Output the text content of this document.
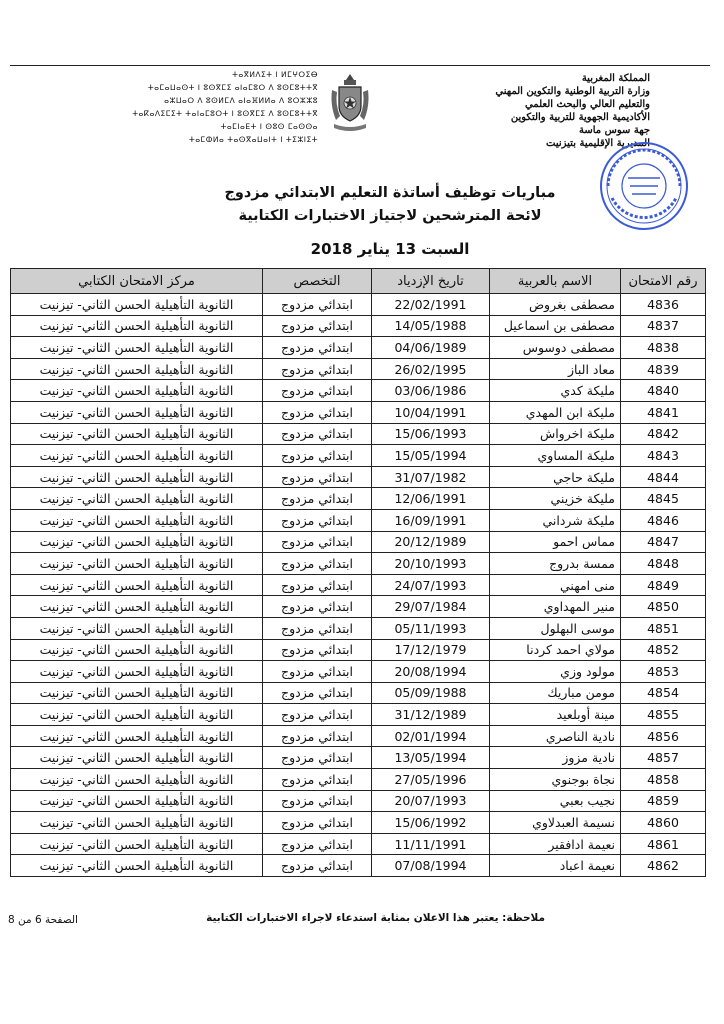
المملكة المغربية
وزارة التربية الوطنية والتكوين المهني
والتعليم العالي والبحث العلمي
الأكاديمية الجهوية للتربية والتكوين
جهة سوس ماسة
المديرية الإقليمية بتيزنيت
ⵜⴰⴳⵍⴷⵉⵜ ⵏ ⵍⵎⵖⵔⵉⴱ
ⵜⴰⵎⴰⵡⴰⵙⵜ ⵏ ⵓⵙⴳⵎⵉ ⴰⵏⴰⵎⵓⵔ ⴷ ⵓⵙⵎⵓⵜⵜⴳ
ⴰⵣⵡⴰⵔ ⴷ ⵓⵙⵍⵎⴷ ⴰⵏⴰⴼⵍⵍⴰ ⴷ ⵓⵔⵣⵣⵓ
ⵜⴰⴽⴰⴷⵉⵎⵉⵜ ⵜⴰⵏⴰⵎⵓⵔⵜ ⵏ ⵓⵙⴳⵎⵉ ⴷ ⵓⵙⵎⵓⵜⵜⴳ
ⵜⴰⵎⵏⴰⴹⵜ ⵏ ⵙⵓⵙ ⵎⴰⵙⵙⴰ
ⵜⴰⵎⵀⵍⴰ ⵜⴰⵙⴳⴰⵡⴰⵏⵜ ⵏ ⵜⵉⵣⵏⵉⵜ
مباريات توظيف أساتذة التعليم الابتدائي مزدوج
لائحة المترشحين لاجتياز الاختبارات الكتابية
السبت 13 يناير 2018
رقم الامتحان	الاسم بالعربية	تاريخ الإزدياد	التخصص	مركز الامتحان الكتابي
4836	مصطفى بغروض	22/02/1991	ابتدائي مزدوج	الثانوية التأهيلية الحسن الثاني- تيزنيت
4837	مصطفى بن اسماعيل	14/05/1988	ابتدائي مزدوج	الثانوية التأهيلية الحسن الثاني- تيزنيت
4838	مصطفى دوسوس	04/06/1989	ابتدائي مزدوج	الثانوية التأهيلية الحسن الثاني- تيزنيت
4839	معاد الباز	26/02/1995	ابتدائي مزدوج	الثانوية التأهيلية الحسن الثاني- تيزنيت
4840	مليكة كدي	03/06/1986	ابتدائي مزدوج	الثانوية التأهيلية الحسن الثاني- تيزنيت
4841	مليكة ابن المهدي	10/04/1991	ابتدائي مزدوج	الثانوية التأهيلية الحسن الثاني- تيزنيت
4842	مليكة اخرواش	15/06/1993	ابتدائي مزدوج	الثانوية التأهيلية الحسن الثاني- تيزنيت
4843	مليكة المساوي	15/05/1994	ابتدائي مزدوج	الثانوية التأهيلية الحسن الثاني- تيزنيت
4844	مليكة حاجي	31/07/1982	ابتدائي مزدوج	الثانوية التأهيلية الحسن الثاني- تيزنيت
4845	مليكة خزيني	12/06/1991	ابتدائي مزدوج	الثانوية التأهيلية الحسن الثاني- تيزنيت
4846	مليكة شرداني	16/09/1991	ابتدائي مزدوج	الثانوية التأهيلية الحسن الثاني- تيزنيت
4847	مماس احمو	20/12/1989	ابتدائي مزدوج	الثانوية التأهيلية الحسن الثاني- تيزنيت
4848	ممسة بدروج	20/10/1993	ابتدائي مزدوج	الثانوية التأهيلية الحسن الثاني- تيزنيت
4849	منى امهني	24/07/1993	ابتدائي مزدوج	الثانوية التأهيلية الحسن الثاني- تيزنيت
4850	منير المهداوي	29/07/1984	ابتدائي مزدوج	الثانوية التأهيلية الحسن الثاني- تيزنيت
4851	موسى البهلول	05/11/1993	ابتدائي مزدوج	الثانوية التأهيلية الحسن الثاني- تيزنيت
4852	مولاي احمد كردنا	17/12/1979	ابتدائي مزدوج	الثانوية التأهيلية الحسن الثاني- تيزنيت
4853	مولود وزي	20/08/1994	ابتدائي مزدوج	الثانوية التأهيلية الحسن الثاني- تيزنيت
4854	مومن مباريك	05/09/1988	ابتدائي مزدوج	الثانوية التأهيلية الحسن الثاني- تيزنيت
4855	مينة أوبلعيد	31/12/1989	ابتدائي مزدوج	الثانوية التأهيلية الحسن الثاني- تيزنيت
4856	نادية الناصري	02/01/1994	ابتدائي مزدوج	الثانوية التأهيلية الحسن الثاني- تيزنيت
4857	نادية مزوز	13/05/1994	ابتدائي مزدوج	الثانوية التأهيلية الحسن الثاني- تيزنيت
4858	نجاة بوجنوي	27/05/1996	ابتدائي مزدوج	الثانوية التأهيلية الحسن الثاني- تيزنيت
4859	نجيب بعبي	20/07/1993	ابتدائي مزدوج	الثانوية التأهيلية الحسن الثاني- تيزنيت
4860	نسيمة العبدلاوي	15/06/1992	ابتدائي مزدوج	الثانوية التأهيلية الحسن الثاني- تيزنيت
4861	نعيمة ادافقير	11/11/1991	ابتدائي مزدوج	الثانوية التأهيلية الحسن الثاني- تيزنيت
4862	نعيمة اعباد	07/08/1994	ابتدائي مزدوج	الثانوية التأهيلية الحسن الثاني- تيزنيت
ملاحظة: يعتبر هذا الاعلان بمثابة استدعاء لاجراء الاختبارات الكتابية
الصفحة 6 من 8
